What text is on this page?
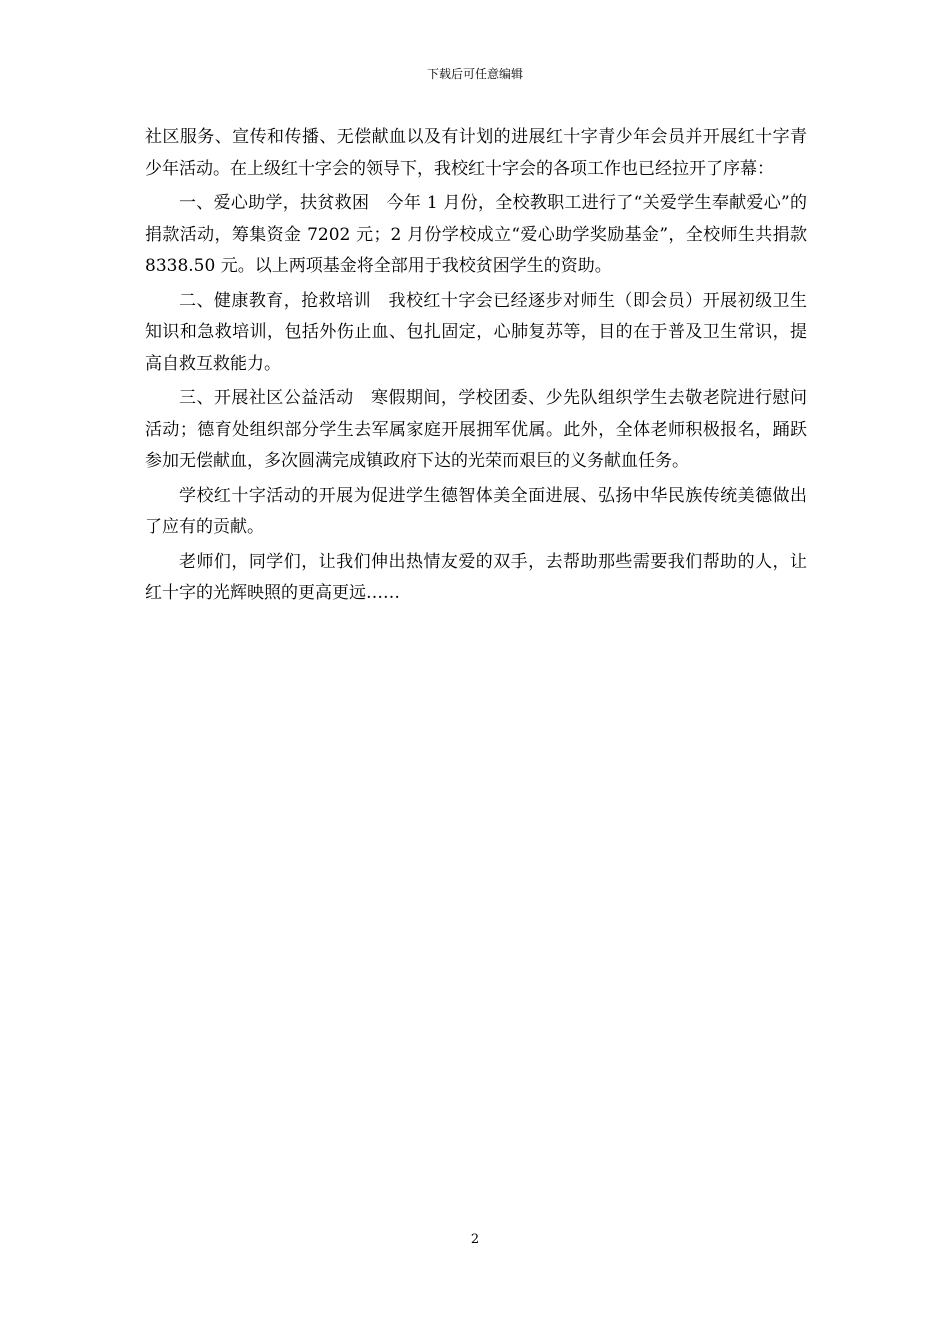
下载后可任意编辑

社区服务、宣传和传播、无偿献血以及有计划的进展红十字青少年会员并开展红十字青少年活动。在上级红十字会的领导下，我校红十字会的各项工作也已经拉开了序幕：

一、爱心助学，扶贫救困　今年 1 月份，全校教职工进行了“关爱学生奉献爱心”的捐款活动，筹集资金 7202 元；2 月份学校成立“爱心助学奖励基金”，全校师生共捐款 8338.50 元。以上两项基金将全部用于我校贫困学生的资助。

二、健康教育，抢救培训　我校红十字会已经逐步对师生（即会员）开展初级卫生知识和急救培训，包括外伤止血、包扎固定，心肺复苏等，目的在于普及卫生常识，提高自救互救能力。

三、开展社区公益活动　寒假期间，学校团委、少先队组织学生去敬老院进行慰问活动；德育处组织部分学生去军属家庭开展拥军优属。此外，全体老师积极报名，踊跃参加无偿献血，多次圆满完成镇政府下达的光荣而艰巨的义务献血任务。

学校红十字活动的开展为促进学生德智体美全面进展、弘扬中华民族传统美德做出了应有的贡献。

老师们，同学们，让我们伸出热情友爱的双手，去帮助那些需要我们帮助的人，让红十字的光辉映照的更高更远……

2
